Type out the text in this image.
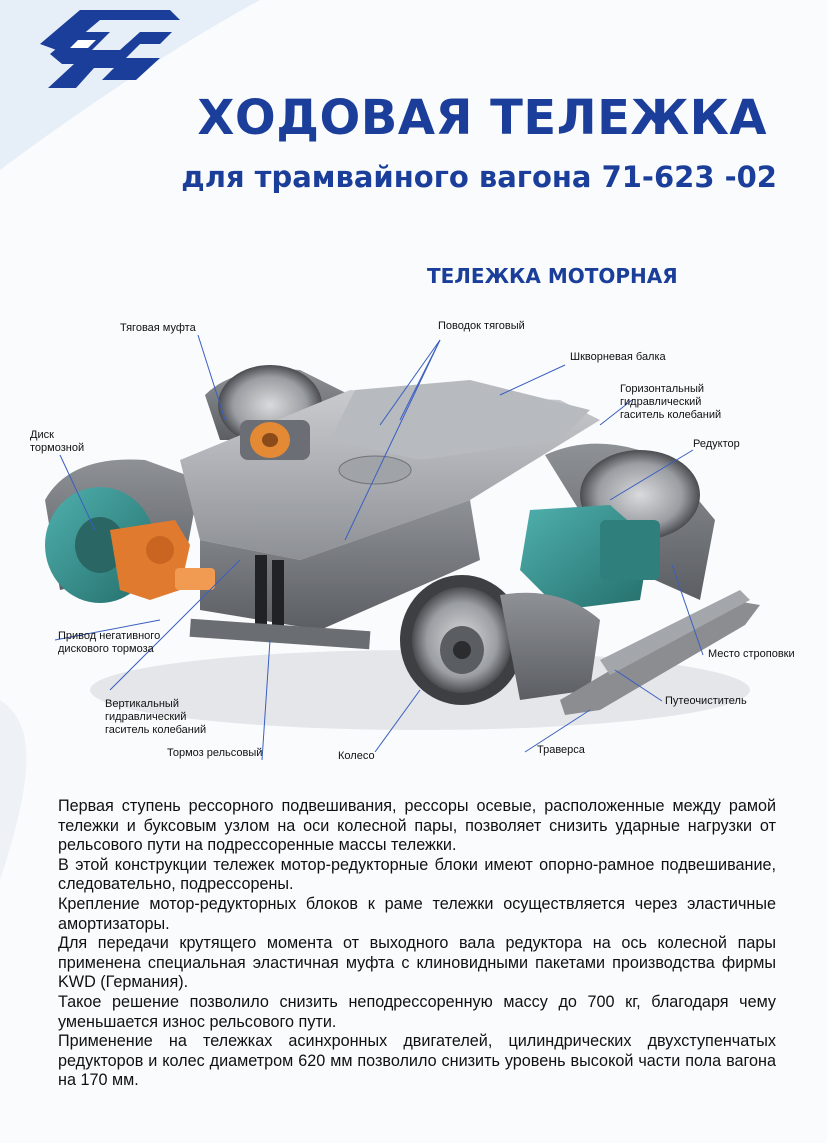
ХОДОВАЯ ТЕЛЕЖКА
для трамвайного вагона 71-623 -02
ТЕЛЕЖКА МОТОРНАЯ
Тяговая муфта	Поводок тяговый
Шкворневая балка
Горизонтальный
гидравлический
гаситель колебаний
Диск
тормозной	Редуктор
Привод негативного
дискового тормоза	Место строповки
Вертикальный
гидравлический
гаситель колебаний
Путеочиститель
Тормоз рельсовый	Колесо	Траверса

Первая ступень рессорного подвешивания, рессоры осевые, расположенные между рамой тележки и буксовым узлом на оси колесной пары, позволяет снизить ударные нагрузки от рельсового пути на подрессоренные массы тележки.

В этой конструкции тележек мотор-редукторные блоки имеют опорно-рамное подвешивание, следовательно, подрессорены.

Крепление мотор-редукторных блоков к раме тележки осуществляется через эластичные амортизаторы.

Для передачи крутящего момента от выходного вала редуктора на ось колесной пары применена специальная эластичная муфта с клиновидными пакетами производства фирмы KWD (Германия).

Такое решение позволило снизить неподрессоренную массу до 700 кг, благодаря чему уменьшается износ рельсового пути.

Применение на тележках асинхронных двигателей, цилиндрических двухступенчатых редукторов и колес диаметром 620 мм позволило снизить уровень высокой части пола вагона на 170 мм.
